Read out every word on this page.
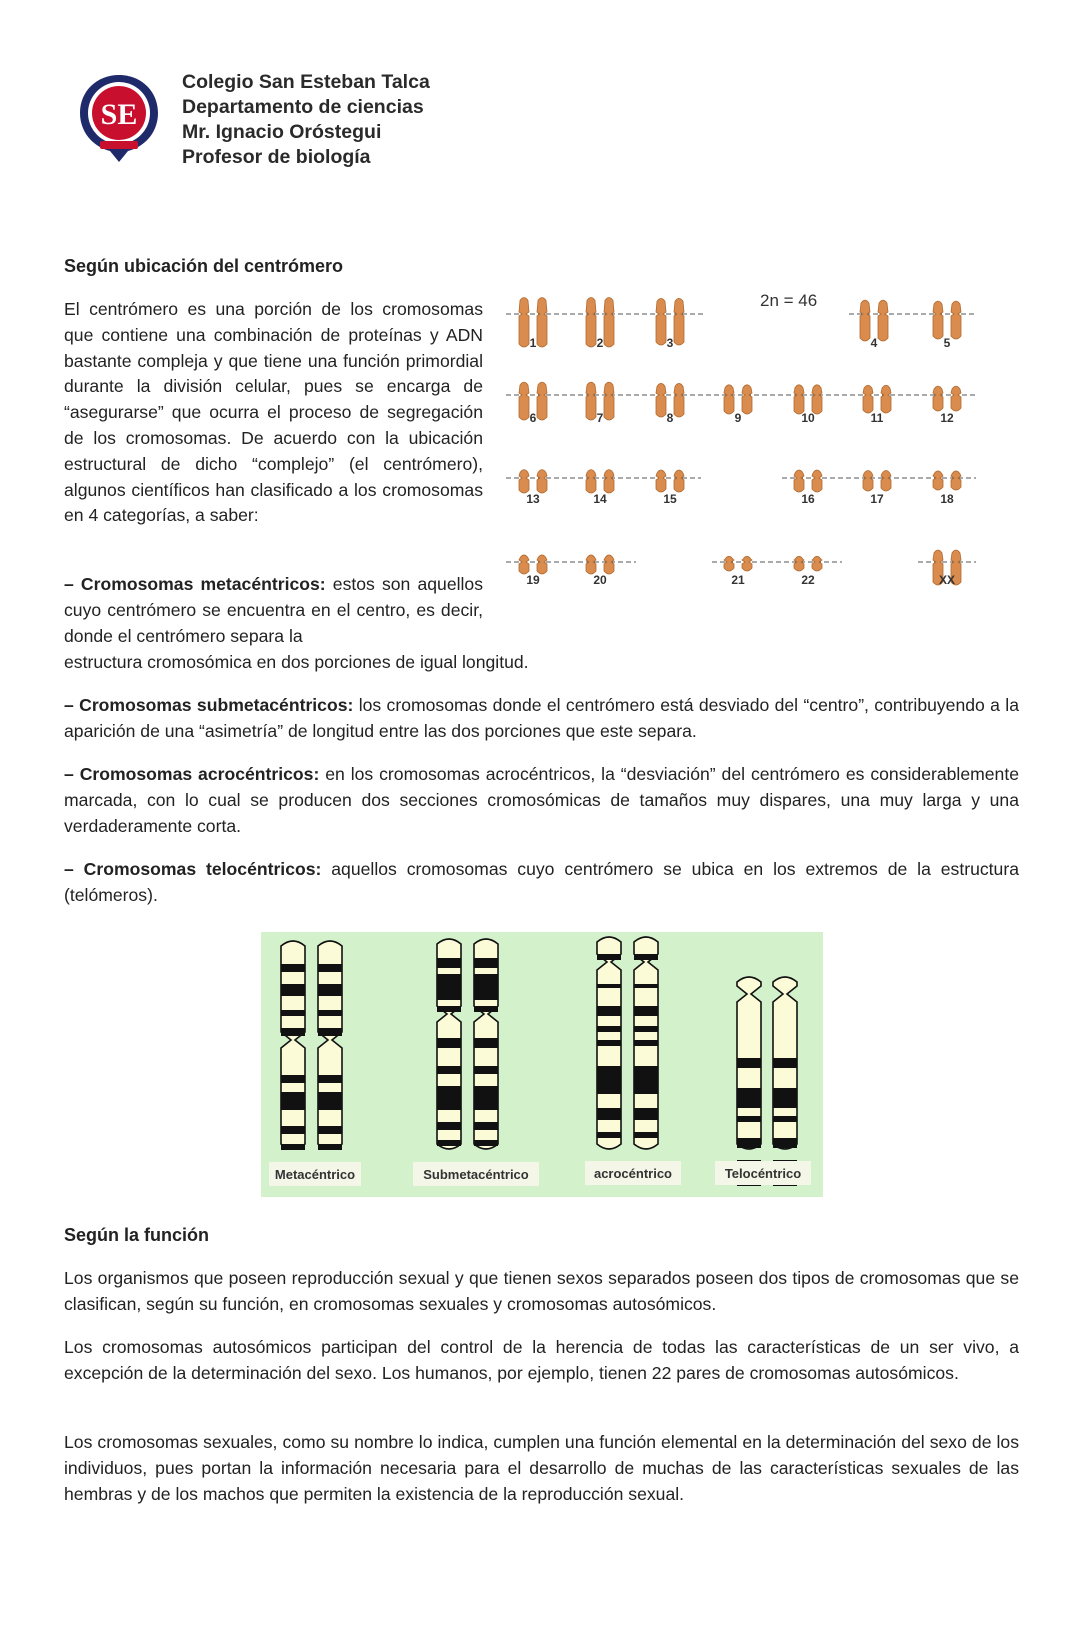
SE
Colegio San Esteban Talca
Departamento de ciencias
Mr. Ignacio Oróstegui
Profesor de biología
Según ubicación del centrómero
El centrómero es una porción de los cromosomas que contiene una combinación de proteínas y ADN bastante compleja y que tiene una función primordial durante la división celular, pues se encarga de “asegurarse” que ocurra el proceso de segregación de los cromosomas. De acuerdo con la ubicación estructural de dicho “complejo” (el centrómero), algunos científicos han clasificado a los cromosomas en 4 categorías, a saber:
– Cromosomas metacéntricos: estos son aquellos cuyo centrómero se encuentra en el centro, es decir, donde el centrómero separa la
estructura cromosómica en dos porciones de igual longitud.
– Cromosomas submetacéntricos: los cromosomas donde el centrómero está desviado del “centro”, contribuyendo a la aparición de una “asimetría” de longitud entre las dos porciones que este separa.
– Cromosomas acrocéntricos: en los cromosomas acrocéntricos, la “desviación” del centrómero es considerablemente marcada, con lo cual se producen dos secciones cromosómicas de tamaños muy dispares, una muy larga y una verdaderamente corta.
– Cromosomas telocéntricos: aquellos cromosomas cuyo centrómero se ubica en los extremos de la estructura (telómeros).
2n = 46
1	2	3	4	5
6	7	8	9	10	11	12
13	14	15	16	17	18
19	20	21	22	XX
Metacéntrico	Submetacéntrico	acrocéntrico	Telocéntrico
Según la función
Los organismos que poseen reproducción sexual y que tienen sexos separados poseen dos tipos de cromosomas que se clasifican, según su función, en cromosomas sexuales y cromosomas autosómicos.
Los cromosomas autosómicos participan del control de la herencia de todas las características de un ser vivo, a excepción de la determinación del sexo. Los humanos, por ejemplo, tienen 22 pares de cromosomas autosómicos.
Los cromosomas sexuales, como su nombre lo indica, cumplen una función elemental en la determinación del sexo de los individuos, pues portan la información necesaria para el desarrollo de muchas de las características sexuales de las hembras y de los machos que permiten la existencia de la reproducción sexual.
